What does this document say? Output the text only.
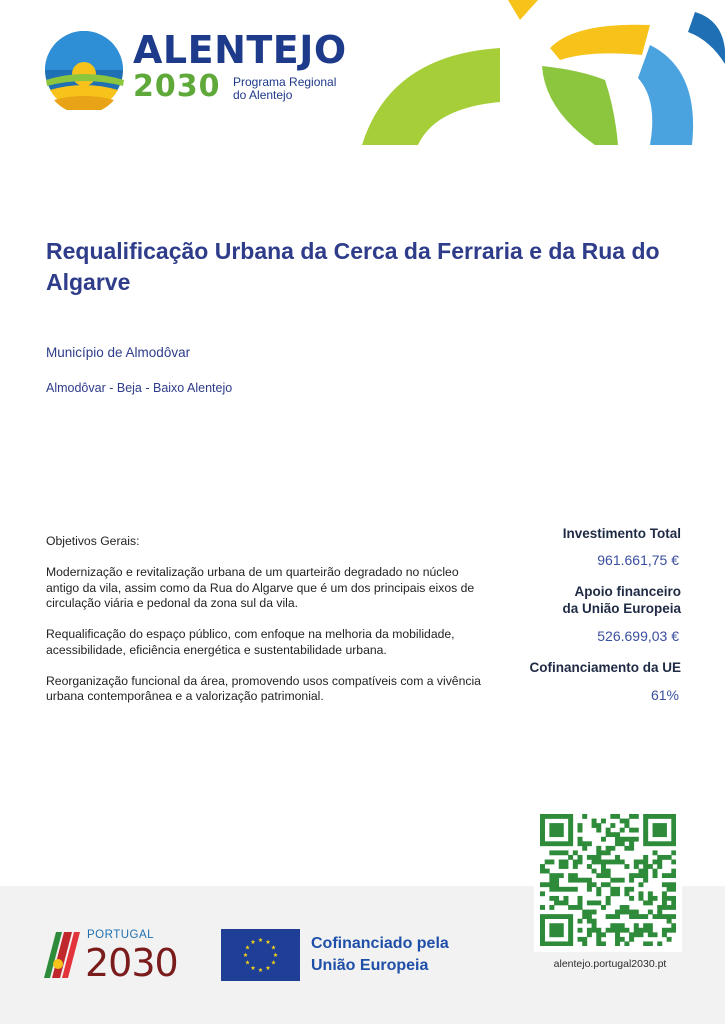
ALENTEJO
2030 Programa Regional
do Alentejo
Requalificação Urbana da Cerca da Ferraria e da Rua do Algarve
Município de Almodôvar
Almodôvar - Beja - Baixo Alentejo

Objetivos Gerais:

Modernização e revitalização urbana de um quarteirão degradado no núcleo antigo da vila, assim como da Rua do Algarve que é um dos principais eixos de circulação viária e pedonal da zona sul da vila.

Requalificação do espaço público, com enfoque na melhoria da mobilidade, acessibilidade, eficiência energética e sustentabilidade urbana.

Reorganização funcional da área, promovendo usos compatíveis com a vivência urbana contemporânea e a valorização patrimonial.

Investimento Total
961.661,75 €
Apoio financeiro
da União Europeia
526.699,03 €
Cofinanciamento da UE
61%
alentejo.portugal2030.pt
PORTUGAL
2030	Cofinanciado pela
União Europeia
